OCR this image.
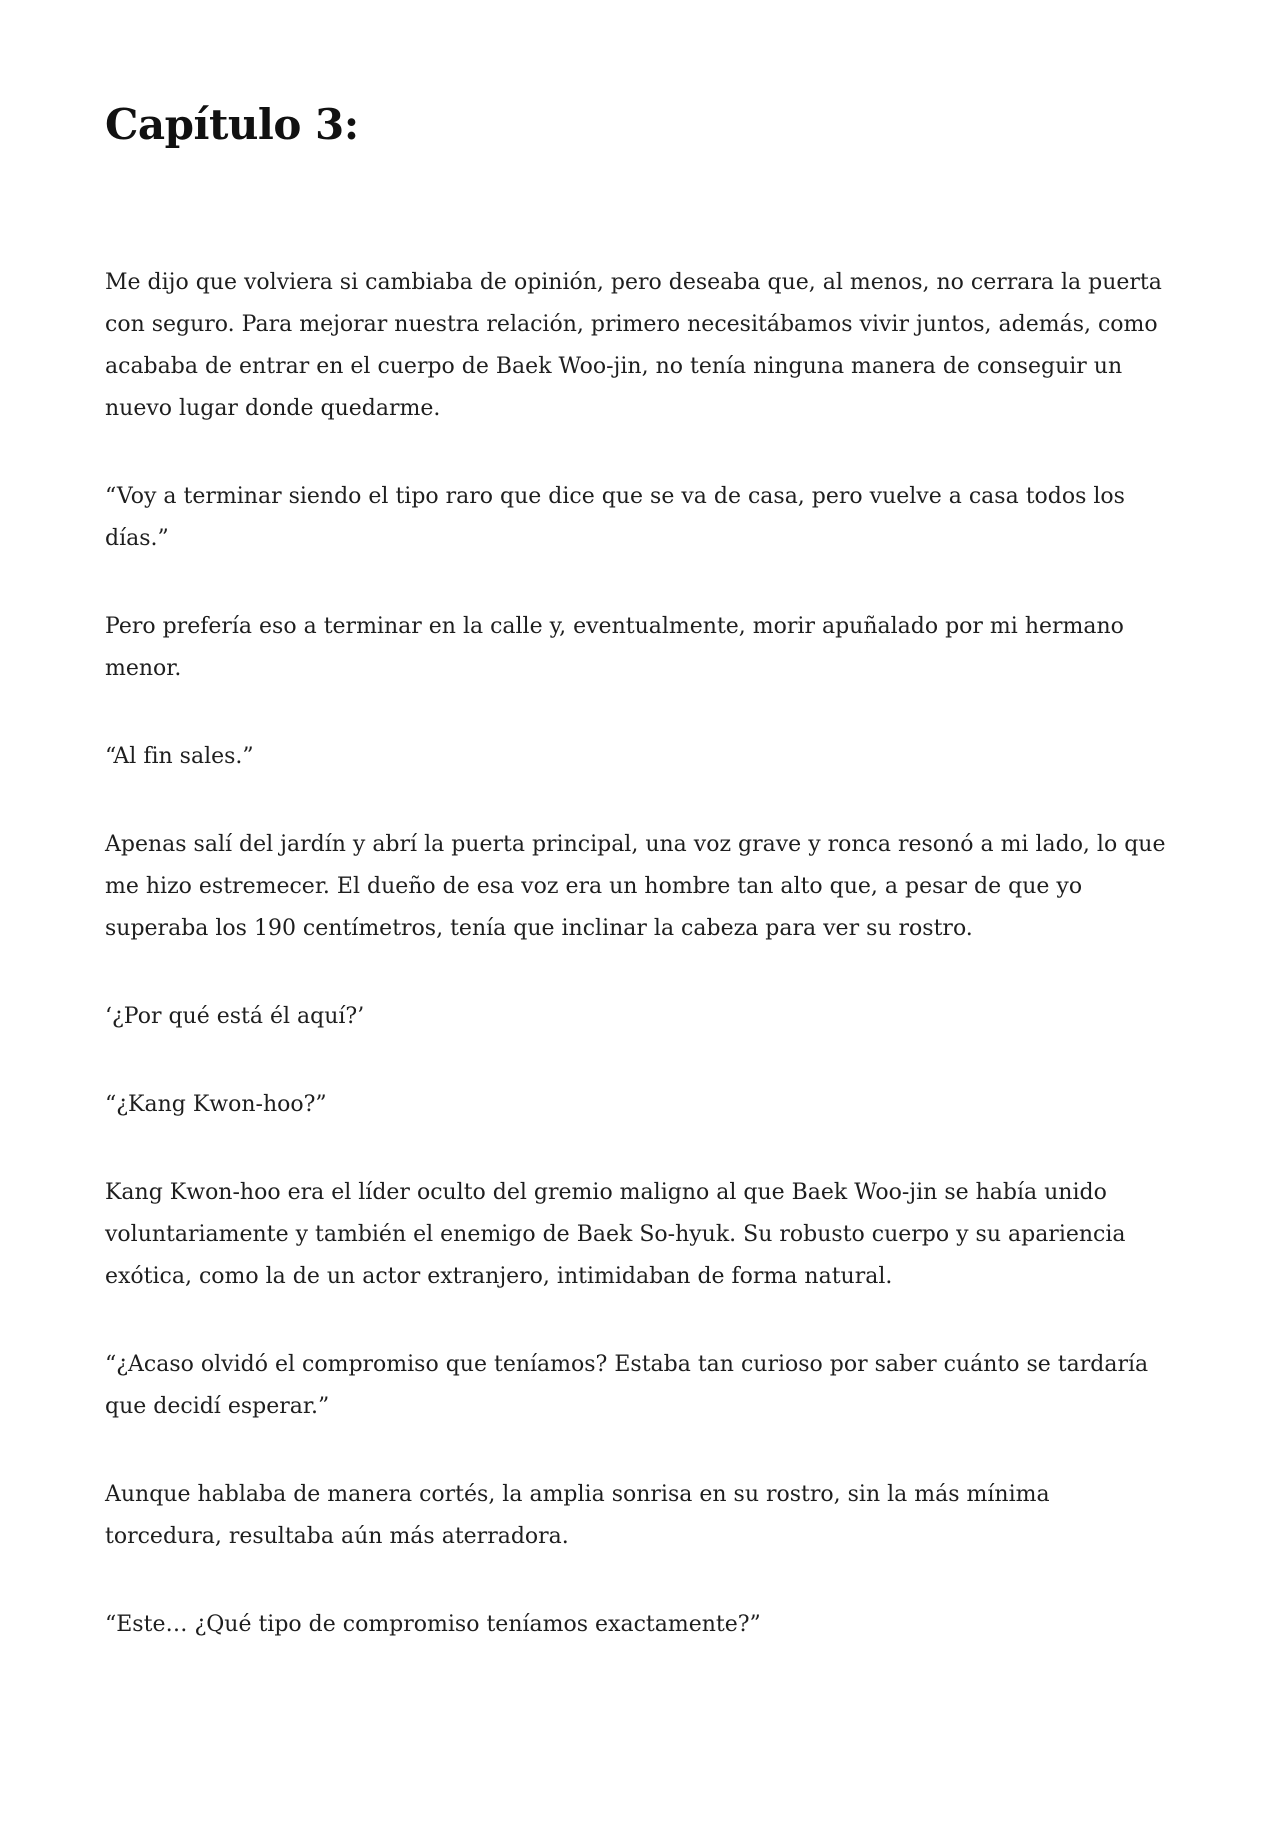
Capítulo 3:

Me dijo que volviera si cambiaba de opinión, pero deseaba que, al menos, no cerrara la puerta con seguro. Para mejorar nuestra relación, primero necesitábamos vivir juntos, además, como acababa de entrar en el cuerpo de Baek Woo-jin, no tenía ninguna manera de conseguir un nuevo lugar donde quedarme.

“Voy a terminar siendo el tipo raro que dice que se va de casa, pero vuelve a casa todos los días.”

Pero prefería eso a terminar en la calle y, eventualmente, morir apuñalado por mi hermano menor.

“Al fin sales.”

Apenas salí del jardín y abrí la puerta principal, una voz grave y ronca resonó a mi lado, lo que me hizo estremecer. El dueño de esa voz era un hombre tan alto que, a pesar de que yo superaba los 190 centímetros, tenía que inclinar la cabeza para ver su rostro.

‘¿Por qué está él aquí?’

“¿Kang Kwon-hoo?”

Kang Kwon-hoo era el líder oculto del gremio maligno al que Baek Woo-jin se había unido voluntariamente y también el enemigo de Baek So-hyuk. Su robusto cuerpo y su apariencia exótica, como la de un actor extranjero, intimidaban de forma natural.

“¿Acaso olvidó el compromiso que teníamos? Estaba tan curioso por saber cuánto se tardaría que decidí esperar.”

Aunque hablaba de manera cortés, la amplia sonrisa en su rostro, sin la más mínima torcedura, resultaba aún más aterradora.

“Este… ¿Qué tipo de compromiso teníamos exactamente?”
